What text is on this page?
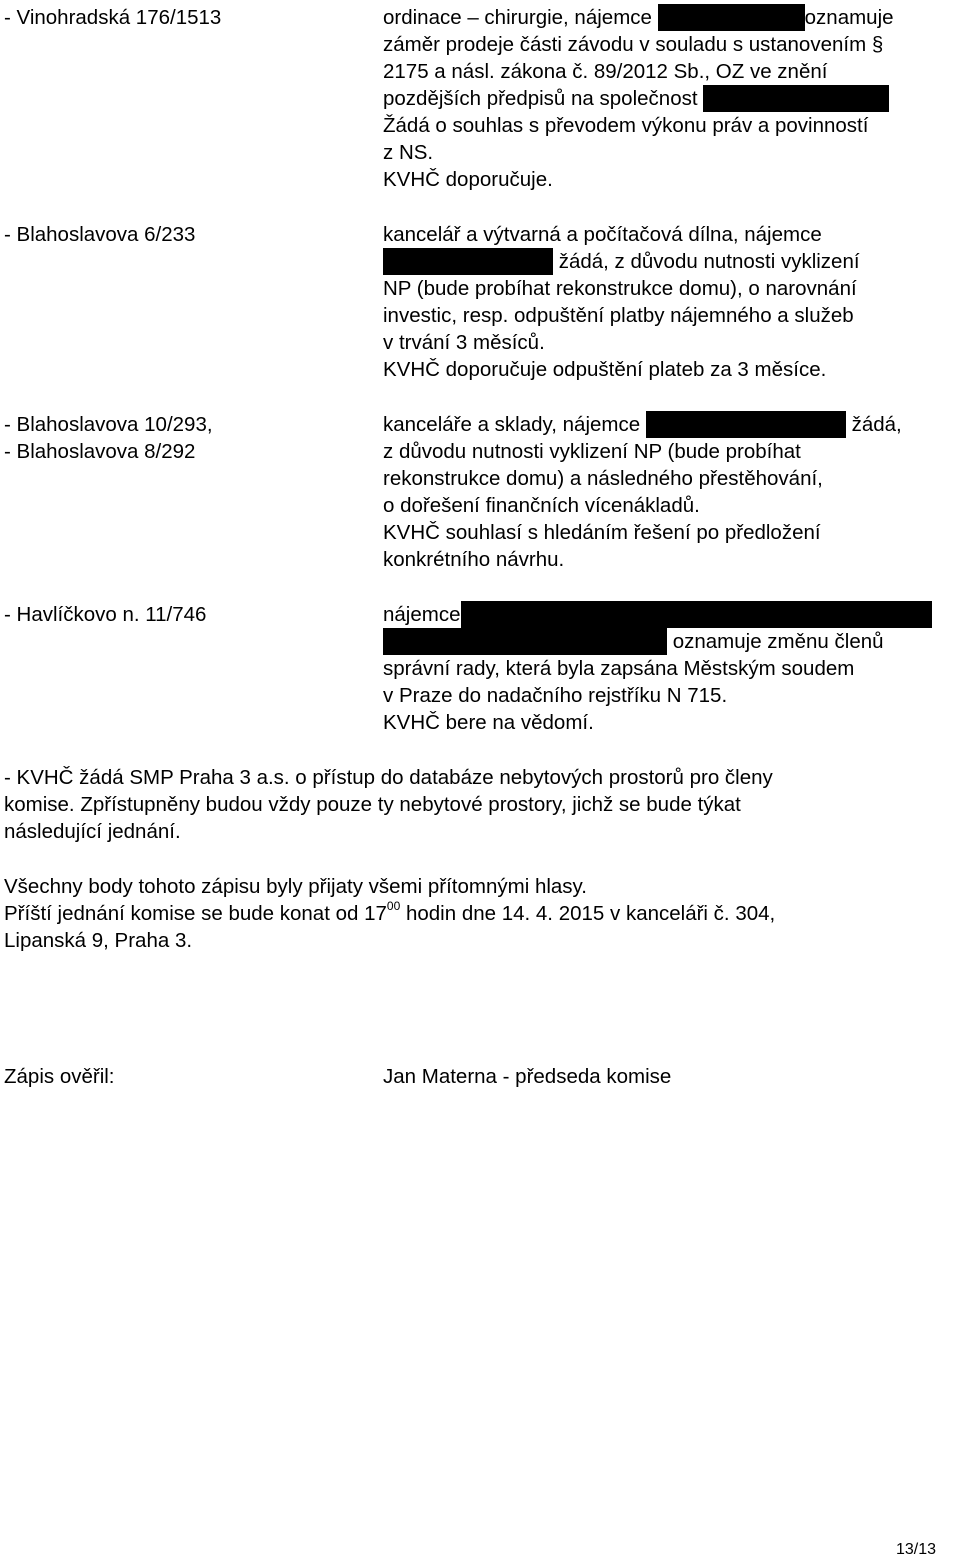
- Vinohradská 176/1513	ordinace – chirurgie, nájemce	oznamuje
záměr prodeje části závodu v souladu s ustanovením §
2175 a násl. zákona č. 89/2012 Sb., OZ ve znění
pozdějších předpisů na společnost
Žádá o souhlas s převodem výkonu práv a povinností
z NS.
KVHČ doporučuje.
- Blahoslavova 6/233	kancelář a výtvarná a počítačová dílna, nájemce
žádá, z důvodu nutnosti vyklizení
NP (bude probíhat rekonstrukce domu), o narovnání
investic, resp. odpuštění platby nájemného a služeb
v trvání 3 měsíců.
KVHČ doporučuje odpuštění plateb za 3 měsíce.
- Blahoslavova 10/293,
- Blahoslavova 8/292
kanceláře a sklady, nájemce	žádá,
z důvodu nutnosti vyklizení NP (bude probíhat
rekonstrukce domu) a následného přestěhování,
o dořešení finančních vícenákladů.
KVHČ souhlasí s hledáním řešení po předložení
konkrétního návrhu.
- Havlíčkovo n. 11/746	nájemce
oznamuje změnu členů
správní rady, která byla zapsána Městským soudem
v Praze do nadačního rejstříku N 715.
KVHČ bere na vědomí.
- KVHČ žádá SMP Praha 3 a.s. o přístup do databáze nebytových prostorů pro členy
komise. Zpřístupněny budou vždy pouze ty nebytové prostory, jichž se bude týkat
následující jednání.
Všechny body tohoto zápisu byly přijaty všemi přítomnými hlasy.
Příští jednání komise se bude konat od $17^{00}$ hodin dne 14. 4. 2015 v kanceláři č. 304,
Lipanská 9, Praha 3.
Zápis ověřil:	Jan Materna - předseda komise
13/13
